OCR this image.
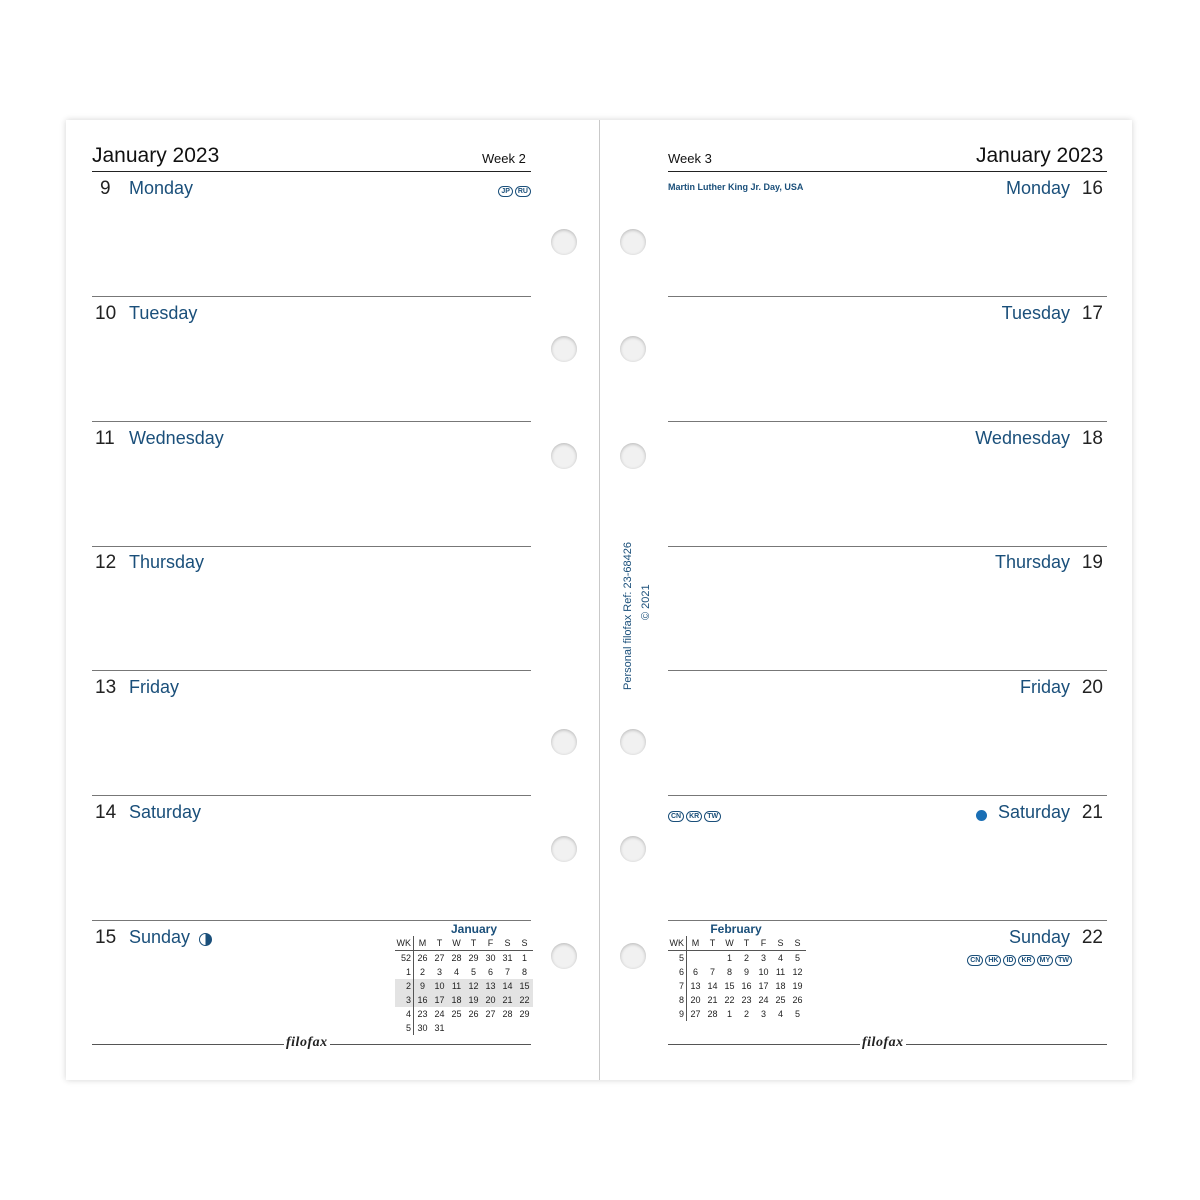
January 2023	Week 2
9 Monday	JP RU
10 Tuesday
11 Wednesday
12 Thursday
13 Friday
14 Saturday
15 Sunday	January
WK	M	T	W	T	F	S	S
52	26	27	28	29	30	31	1
1	2	3	4	5	6	7	8
2	9	10	11	12	13	14	15
3	16	17	18	19	20	21	22
4	23	24	25	26	27	28	29
5	30	31					
filofax
Week 3	January 2023
Martin Luther King Jr. Day, USA	16
Monday
17
Tuesday
18
Wednesday
19
Thursday
20
Friday
21
Saturday
CN KR TW
22
Sunday
CN HK ID KR MY TW
February
WK	M	T	W	T	F	S	S
5			1	2	3	4	5
6	6	7	8	9	10	11	12
7	13	14	15	16	17	18	19
8	20	21	22	23	24	25	26
9	27	28	1	2	3	4	5
filofax
Personal filofax Ref: 23-68426 © 2021
